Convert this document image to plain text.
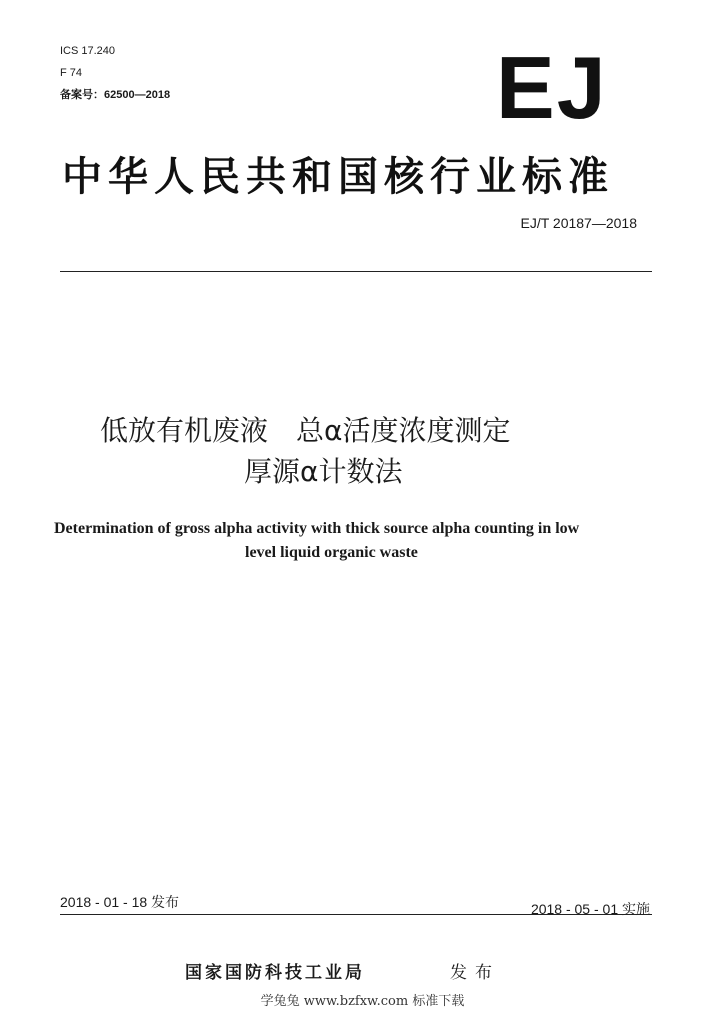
ICS 17.240
F 74
备案号：62500—2018	EJ
中华人民共和国核行业标准
EJ/T 20187—2018
低放有机废液　总α活度浓度测定
厚源α计数法
Determination of gross alpha activity with thick source alpha counting in low
level liquid organic waste
2018 - 01 - 18 发布	2018 - 05 - 01 实施
国家国防科技工业局	发布
学兔兔 www.bzfxw.com 标准下载
